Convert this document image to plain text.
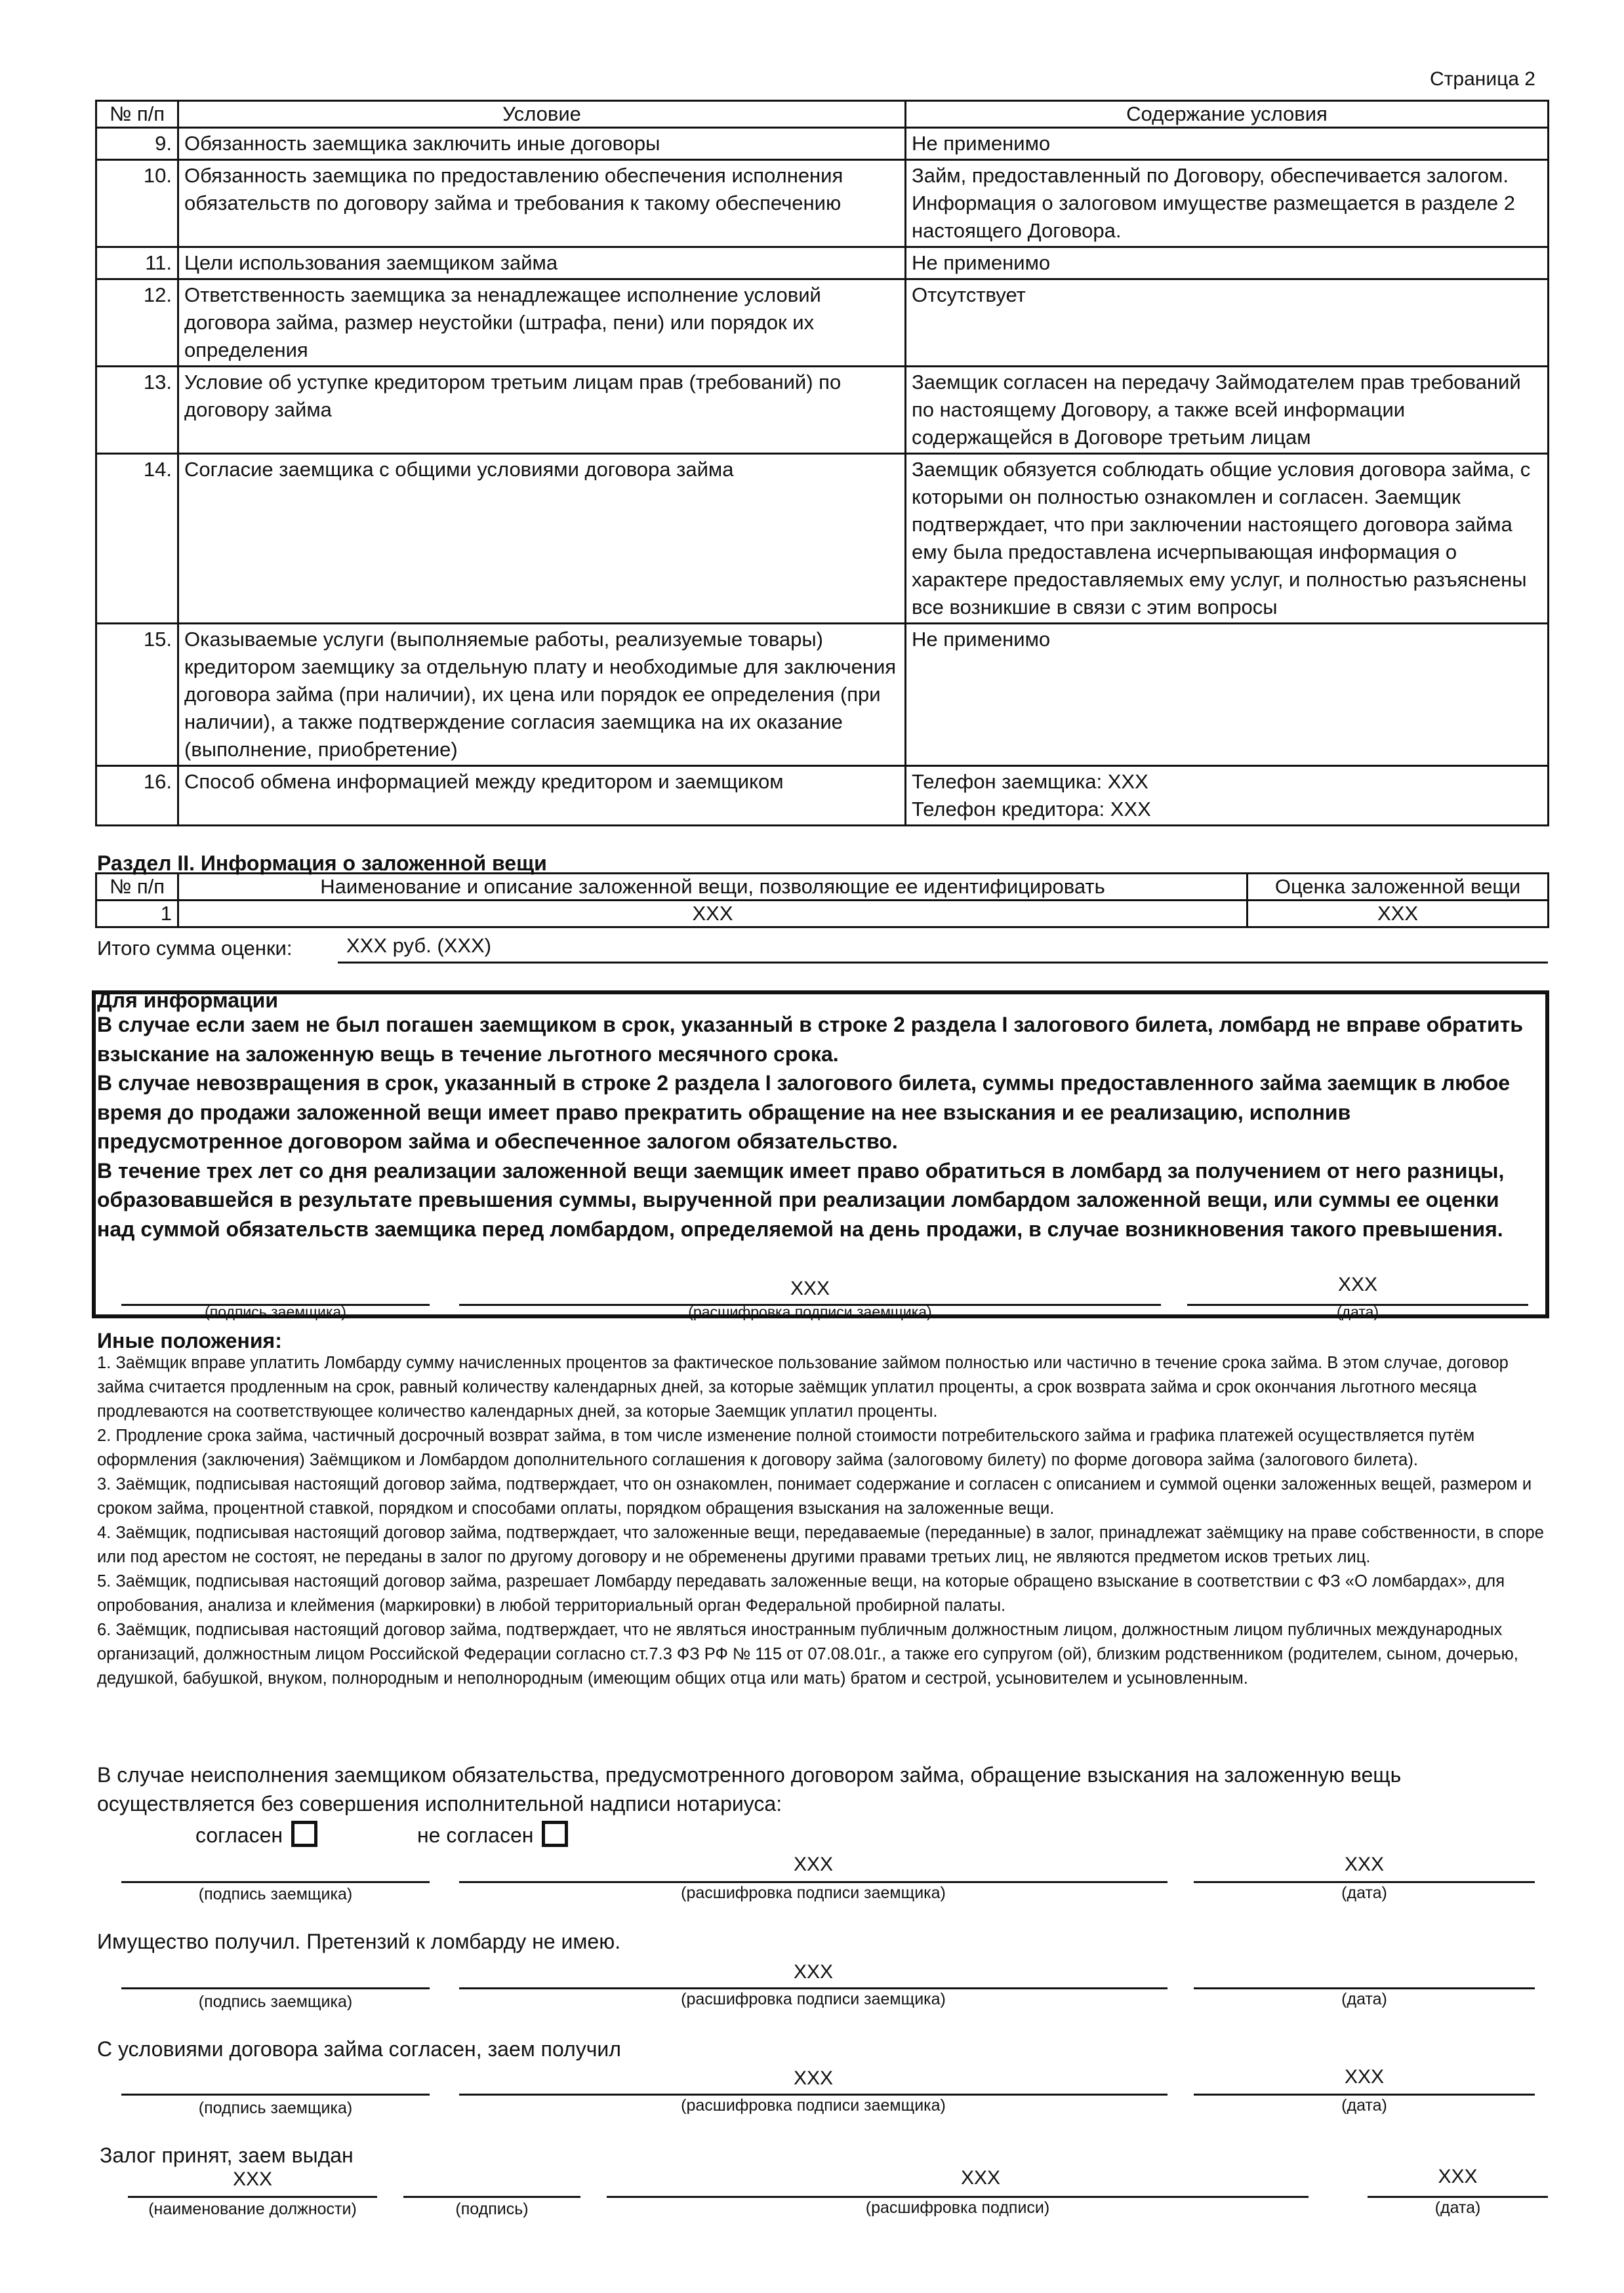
Страница 2
№ п/п	Условие	Содержание условия
9.	Обязанность заемщика заключить иные договоры	Не применимо
10.	Обязанность заемщика по предоставлению обеспечения исполнения обязательств по договору займа и требования к такому обеспечению	Займ, предоставленный по Договору, обеспечивается залогом. Информация о залоговом имуществе размещается в разделе 2 настоящего Договора.
11.	Цели использования заемщиком займа	Не применимо
12.	Ответственность заемщика за ненадлежащее исполнение условий договора займа, размер неустойки (штрафа, пени) или порядок их определения	Отсутствует
13.	Условие об уступке кредитором третьим лицам прав (требований) по договору займа	Заемщик согласен на передачу Займодателем прав требований по настоящему Договору, а также всей информации содержащейся в Договоре третьим лицам
14.	Согласие заемщика с общими условиями договора займа	Заемщик обязуется соблюдать общие условия договора займа, с которыми он полностью ознакомлен и согласен. Заемщик подтверждает, что при заключении настоящего договора займа ему была предоставлена исчерпывающая информация о характере предоставляемых ему услуг, и полностью разъяснены все возникшие в связи с этим вопросы
15.	Оказываемые услуги (выполняемые работы, реализуемые товары) кредитором заемщику за отдельную плату и необходимые для заключения договора займа (при наличии), их цена или порядок ее определения (при наличии), а также подтверждение согласия заемщика на их оказание (выполнение, приобретение)	Не применимо
16.	Способ обмена информацией между кредитором и заемщиком	Телефон заемщика: XXX
Телефон кредитора: XXX
Раздел II. Информация о заложенной вещи
№ п/п	Наименование и описание заложенной вещи, позволяющие ее идентифицировать	Оценка заложенной вещи
1	XXX	XXX
Итого сумма оценки:	XXX руб. (XXX)
Для информации

В случае если заем не был погашен заемщиком в срок, указанный в строке 2 раздела I залогового билета, ломбард не вправе обратить взыскание на заложенную вещь в течение льготного месячного срока.

В случае невозвращения в срок, указанный в строке 2 раздела I залогового билета, суммы предоставленного займа заемщик в любое время до продажи заложенной вещи имеет право прекратить обращение на нее взыскания и ее реализацию, исполнив предусмотренное договором займа и обеспеченное залогом обязательство.

В течение трех лет со дня реализации заложенной вещи заемщик имеет право обратиться в ломбард за получением от него разницы, образовавшейся в результате превышения суммы, вырученной при реализации ломбардом заложенной вещи, или суммы ее оценки над суммой обязательств заемщика перед ломбардом, определяемой на день продажи, в случае возникновения такого превышения.

XXX	XXX
(подпись заемщика)	(расшифровка подписи заемщика)	(дата)
Иные положения:

1. Заёмщик вправе уплатить Ломбарду сумму начисленных процентов за фактическое пользование займом полностью или частично в течение срока займа. В этом случае, договор займа считается продленным на срок, равный количеству календарных дней, за которые заёмщик уплатил проценты, а срок возврата займа и срок окончания льготного месяца продлеваются на соответствующее количество календарных дней, за которые Заемщик уплатил проценты.

2. Продление срока займа, частичный досрочный возврат займа, в том числе изменение полной стоимости потребительского займа и графика платежей осуществляется путём оформления (заключения) Заёмщиком и Ломбардом дополнительного соглашения к договору займа (залоговому билету) по форме договора займа (залогового билета).

3. Заёмщик, подписывая настоящий договор займа, подтверждает, что он ознакомлен, понимает содержание и согласен с описанием и суммой оценки заложенных вещей, размером и сроком займа, процентной ставкой, порядком и способами оплаты, порядком обращения взыскания на заложенные вещи.

4. Заёмщик, подписывая настоящий договор займа, подтверждает, что заложенные вещи, передаваемые (переданные) в залог, принадлежат заёмщику на праве собственности, в споре или под арестом не состоят, не переданы в залог по другому договору и не обременены другими правами третьих лиц, не являются предметом исков третьих лиц.

5. Заёмщик, подписывая настоящий договор займа, разрешает Ломбарду передавать заложенные вещи, на которые обращено взыскание в соответствии с ФЗ «О ломбардах», для опробования, анализа и клеймения (маркировки) в любой территориальный орган Федеральной пробирной палаты.

6. Заёмщик, подписывая настоящий договор займа, подтверждает, что не являться иностранным публичным должностным лицом, должностным лицом публичных международных организаций, должностным лицом Российской Федерации согласно ст.7.3 ФЗ РФ № 115 от 07.08.01г., а также его супругом (ой), близким родственником (родителем, сыном, дочерью, дедушкой, бабушкой, внуком, полнородным и неполнородным (имеющим общих отца или мать) братом и сестрой, усыновителем и усыновленным.

В случае неисполнения заемщиком обязательства, предусмотренного договором займа, обращение взыскания на заложенную вещь осуществляется без совершения исполнительной надписи нотариуса:
согласен	не согласен
XXX	XXX
(подпись заемщика)	(расшифровка подписи заемщика)	(дата)
Имущество получил. Претензий к ломбарду не имею.
XXX
(подпись заемщика)	(расшифровка подписи заемщика)	(дата)
С условиями договора займа согласен, заем получил
XXX	XXX
(подпись заемщика)	(расшифровка подписи заемщика)	(дата)
Залог принят, заем выдан
XXX	XXX	XXX
(наименование должности)	(подпись)	(расшифровка подписи)	(дата)
